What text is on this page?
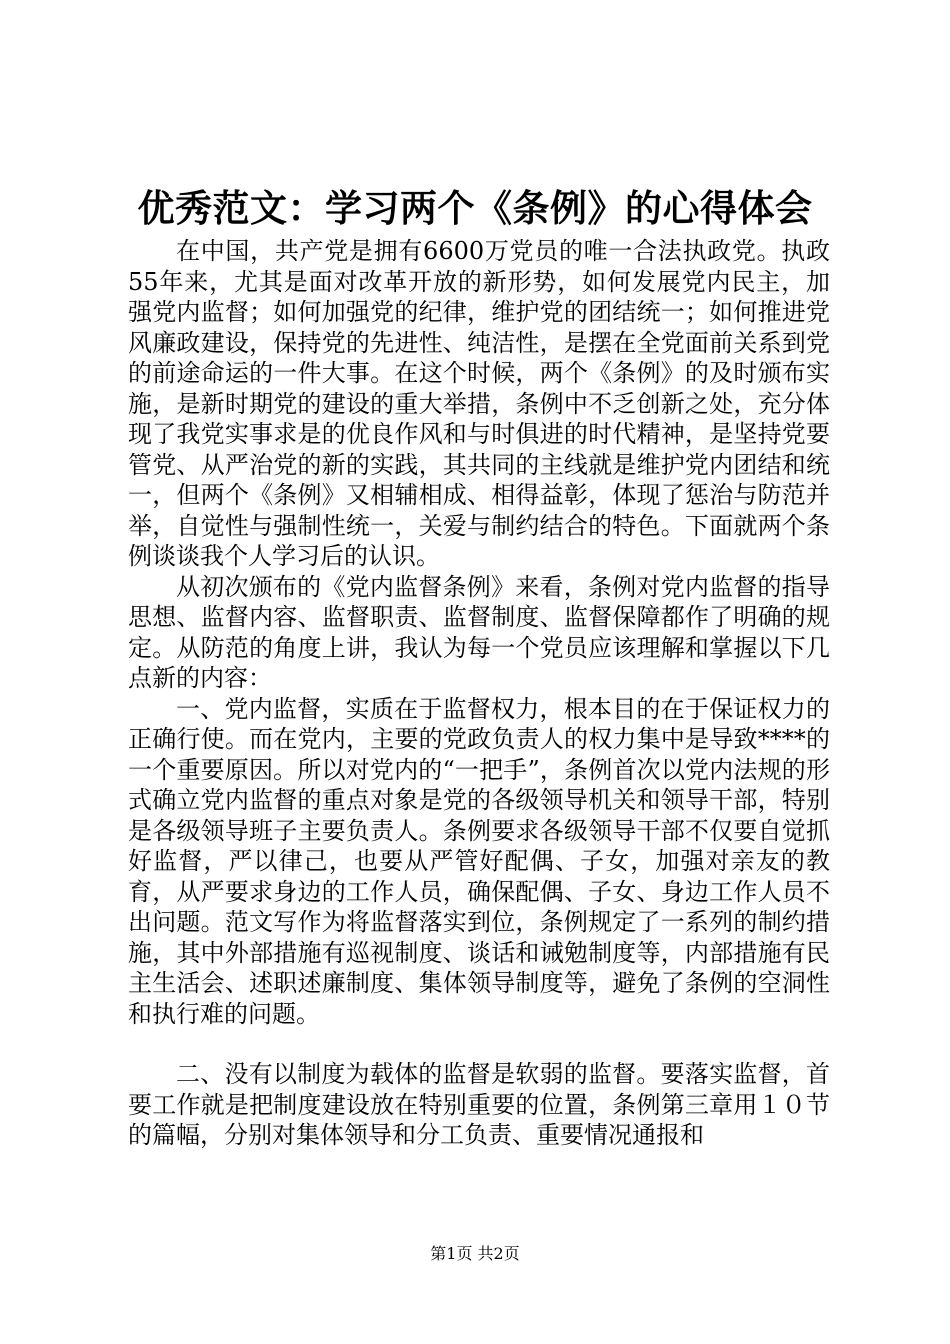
优秀范文：学习两个《条例》的心得体会

在中国，共产党是拥有6600万党员的唯一合法执政党。执政55年来，尤其是面对改革开放的新形势，如何发展党内民主，加强党内监督；如何加强党的纪律，维护党的团结统一；如何推进党风廉政建设，保持党的先进性、纯洁性，是摆在全党面前关系到党的前途命运的一件大事。在这个时候，两个《条例》的及时颁布实施，是新时期党的建设的重大举措，条例中不乏创新之处，充分体现了我党实事求是的优良作风和与时俱进的时代精神，是坚持党要管党、从严治党的新的实践，其共同的主线就是维护党内团结和统一，但两个《条例》又相辅相成、相得益彰，体现了惩治与防范并举，自觉性与强制性统一，关爱与制约结合的特色。下面就两个条例谈谈我个人学习后的认识。

从初次颁布的《党内监督条例》来看，条例对党内监督的指导思想、监督内容、监督职责、监督制度、监督保障都作了明确的规定。从防范的角度上讲，我认为每一个党员应该理解和掌握以下几点新的内容：

一、党内监督，实质在于监督权力，根本目的在于保证权力的正确行使。而在党内，主要的党政负责人的权力集中是导致****的一个重要原因。所以对党内的“一把手”，条例首次以党内法规的形式确立党内监督的重点对象是党的各级领导机关和领导干部，特别是各级领导班子主要负责人。条例要求各级领导干部不仅要自觉抓好监督，严以律己，也要从严管好配偶、子女，加强对亲友的教育，从严要求身边的工作人员，确保配偶、子女、身边工作人员不出问题。范文写作为将监督落实到位，条例规定了一系列的制约措施，其中外部措施有巡视制度、谈话和诫勉制度等，内部措施有民主生活会、述职述廉制度、集体领导制度等，避免了条例的空洞性和执行难的问题。

二、没有以制度为载体的监督是软弱的监督。要落实监督，首要工作就是把制度建设放在特别重要的位置，条例第三章用１０节的篇幅，分别对集体领导和分工负责、重要情况通报和

第1页 共2页
